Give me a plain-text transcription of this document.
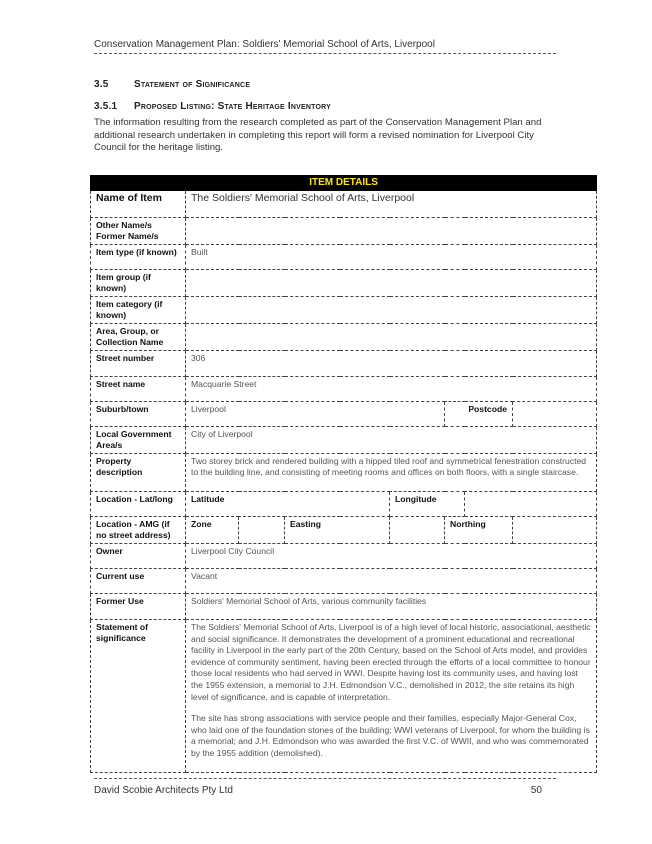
Conservation Management Plan: Soldiers' Memorial School of Arts, Liverpool
3.5	Statement of Significance
3.5.1 Proposed Listing: State Heritage Inventory
The information resulting from the research completed as part of the Conservation Management Plan and additional research undertaken in completing this report will form a revised nomination for Liverpool City Council for the heritage listing.
ITEM DETAILS							
Name of Item	The Soldiers' Memorial School of Arts, Liverpool						
Other Name/s Former Name/s							
Item type (if known)	Built						
Item group (if known)							
Item category (if known)							
Area, Group, or Collection Name							
Street number	306						
Street name	Macquarie Street						
Suburb/town	Liverpool				Postcode		
Local Government Area/s	City of Liverpool						
Property description	Two storey brick and rendered building with a hipped tiled roof and symmetrical fenestration constructed to the building line, and consisting of meeting rooms and offices on both floors, with a single staircase.						
Location - Lat/long	Latitude			Longitude			
Location - AMG (if no street address)	Zone		Easting		Northing		
Owner	Liverpool City Council						
Current use	Vacant						
Former Use	Soldiers' Memorial School of Arts, various community facilities						
Statement of significance	The Soldiers' Memorial School of Arts, Liverpool is of a high level of local historic, associational, aesthetic and social significance. It demonstrates the development of a prominent educational and recreational facility in Liverpool in the early part of the 20th Century, based on the School of Arts model, and provides evidence of community sentiment, having been erected through the efforts of a local committee to honour those local residents who had served in WWI. Despite having lost its community uses, and having lost the 1955 extension, a memorial to J.H. Edmondson V.C., demolished in 2012, the site retains its high level of significance, and is capable of interpretation.
The site has strong associations with service people and their families, especially Major-General Cox, who laid one of the foundation stones of the building; WWI veterans of Liverpool, for whom the building is a memorial; and J.H. Edmondson who was awarded the first V.C. of WWII, and who was commemorated by the 1955 addition (demolished).						
David Scobie Architects Pty Ltd	50
